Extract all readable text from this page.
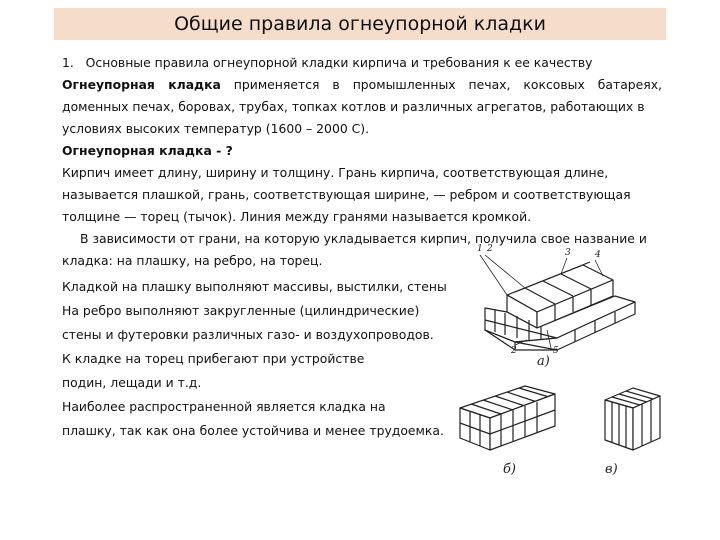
Общие правила огнеупорной кладки
1. Основные правила огнеупорной кладки кирпича и требования к ее качеству
Огнеупорная кладка применяется в промышленных печах, коксовых батареях,
доменных печах, боровах, трубах, топках котлов и различных агрегатов, работающих в
условиях высоких температур (1600 – 2000 С).
Огнеупорная кладка - ?
Кирпич имеет длину, ширину и толщину. Грань кирпича, соответствующая длине,
называется плашкой, грань, соответствующая ширине, — ребром и соответствующая
толщине — торец (тычок). Линия между гранями называется кромкой.
В зависимости от грани, на которую укладывается кирпич, получила свое название и
кладка: на плашку, на ребро, на торец.
Кладкой на плашку выполняют массивы, выстилки, стены
На ребро выполняют закругленные (цилиндрические)
стены и футеровки различных газо- и воздухопроводов.
К кладке на торец прибегают при устройстве
подин, лещади и т.д.
Наиболее распространенной является кладка на
плашку, так как она более устойчива и менее трудоемка.
а)
б)	в)
1 2	3	4
5
2
